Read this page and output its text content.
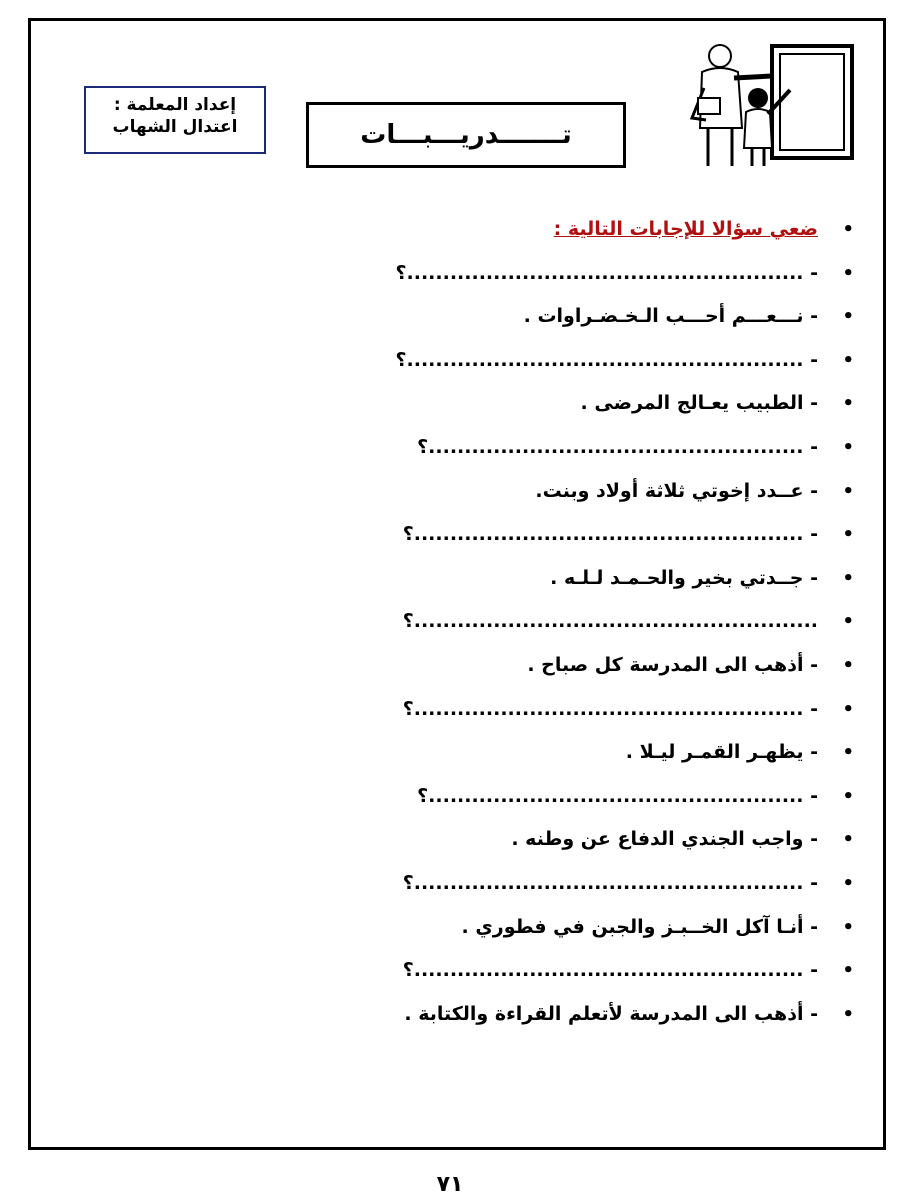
إعداد المعلمة :
اعتدال الشهاب	تـــــــدريـــبـــات
•
ضعي سؤالا للإجابات التالية :
•
- .......................................................؟
•
- نـــعـــم أحـــب الـخـضـراوات .
•
- .......................................................؟
•
- الطبيب يعـالج المرضى .
•
- ....................................................؟
•
- عــدد إخوتي ثلاثة أولاد وبنت.
•
- ......................................................؟
•
- جــدتي بخير والحـمـد لـلـه .
•
........................................................؟
•
- أذهب الى المدرسة كل صباح .
•
- ......................................................؟
•
- يظهـر القمـر ليـلا .
•
- ....................................................؟
•
- واجب الجندي الدفاع عن وطنه .
•
- ......................................................؟
•
- أنـا آكل الخــبـز والجبن في فطوري .
•
- ......................................................؟
•
- أذهب الى المدرسة لأتعلم القراءة والكتابة .
٧١
